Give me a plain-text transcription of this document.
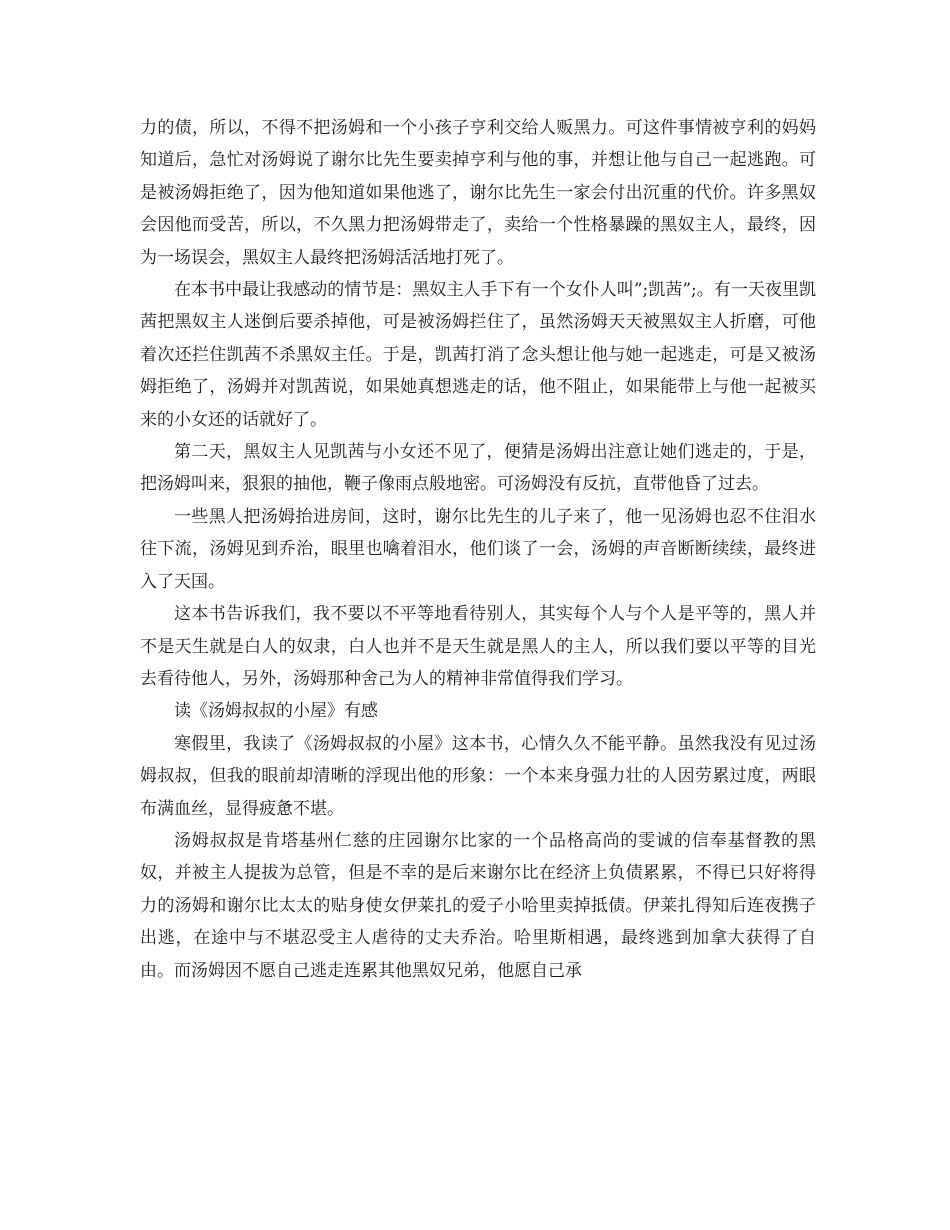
力的债，所以，不得不把汤姆和一个小孩子亨利交给人贩黑力。可这件事情被亨利的妈妈知道后，急忙对汤姆说了谢尔比先生要卖掉亨利与他的事，并想让他与自己一起逃跑。可是被汤姆拒绝了，因为他知道如果他逃了，谢尔比先生一家会付出沉重的代价。许多黑奴会因他而受苦，所以，不久黑力把汤姆带走了，卖给一个性格暴躁的黑奴主人，最终，因为一场误会，黑奴主人最终把汤姆活活地打死了。

在本书中最让我感动的情节是：黑奴主人手下有一个女仆人叫”;凯茜”;。有一天夜里凯茜把黑奴主人迷倒后要杀掉他，可是被汤姆拦住了，虽然汤姆天天被黑奴主人折磨，可他着次还拦住凯茜不杀黑奴主任。于是，凯茜打消了念头想让他与她一起逃走，可是又被汤姆拒绝了，汤姆并对凯茜说，如果她真想逃走的话，他不阻止，如果能带上与他一起被买来的小女还的话就好了。

第二天，黑奴主人见凯茜与小女还不见了，便猜是汤姆出注意让她们逃走的，于是，把汤姆叫来，狠狠的抽他，鞭子像雨点般地密。可汤姆没有反抗，直带他昏了过去。

一些黑人把汤姆抬进房间，这时，谢尔比先生的儿子来了，他一见汤姆也忍不住泪水往下流，汤姆见到乔治，眼里也噙着泪水，他们谈了一会，汤姆的声音断断续续，最终进入了天国。

这本书告诉我们，我不要以不平等地看待别人，其实每个人与个人是平等的，黑人并不是天生就是白人的奴隶，白人也并不是天生就是黑人的主人，所以我们要以平等的目光去看待他人，另外，汤姆那种舍己为人的精神非常值得我们学习。

读《汤姆叔叔的小屋》有感

寒假里，我读了《汤姆叔叔的小屋》这本书，心情久久不能平静。虽然我没有见过汤姆叔叔，但我的眼前却清晰的浮现出他的形象：一个本来身强力壮的人因劳累过度，两眼布满血丝，显得疲惫不堪。

汤姆叔叔是肯塔基州仁慈的庄园谢尔比家的一个品格高尚的雯诚的信奉基督教的黑奴，并被主人提拔为总管，但是不幸的是后来谢尔比在经济上负债累累，不得已只好将得力的汤姆和谢尔比太太的贴身使女伊莱扎的爱子小哈里卖掉抵债。伊莱扎得知后连夜携子出逃，在途中与不堪忍受主人虐待的丈夫乔治。哈里斯相遇，最终逃到加拿大获得了自由。而汤姆因不愿自己逃走连累其他黑奴兄弟，他愿自己承
